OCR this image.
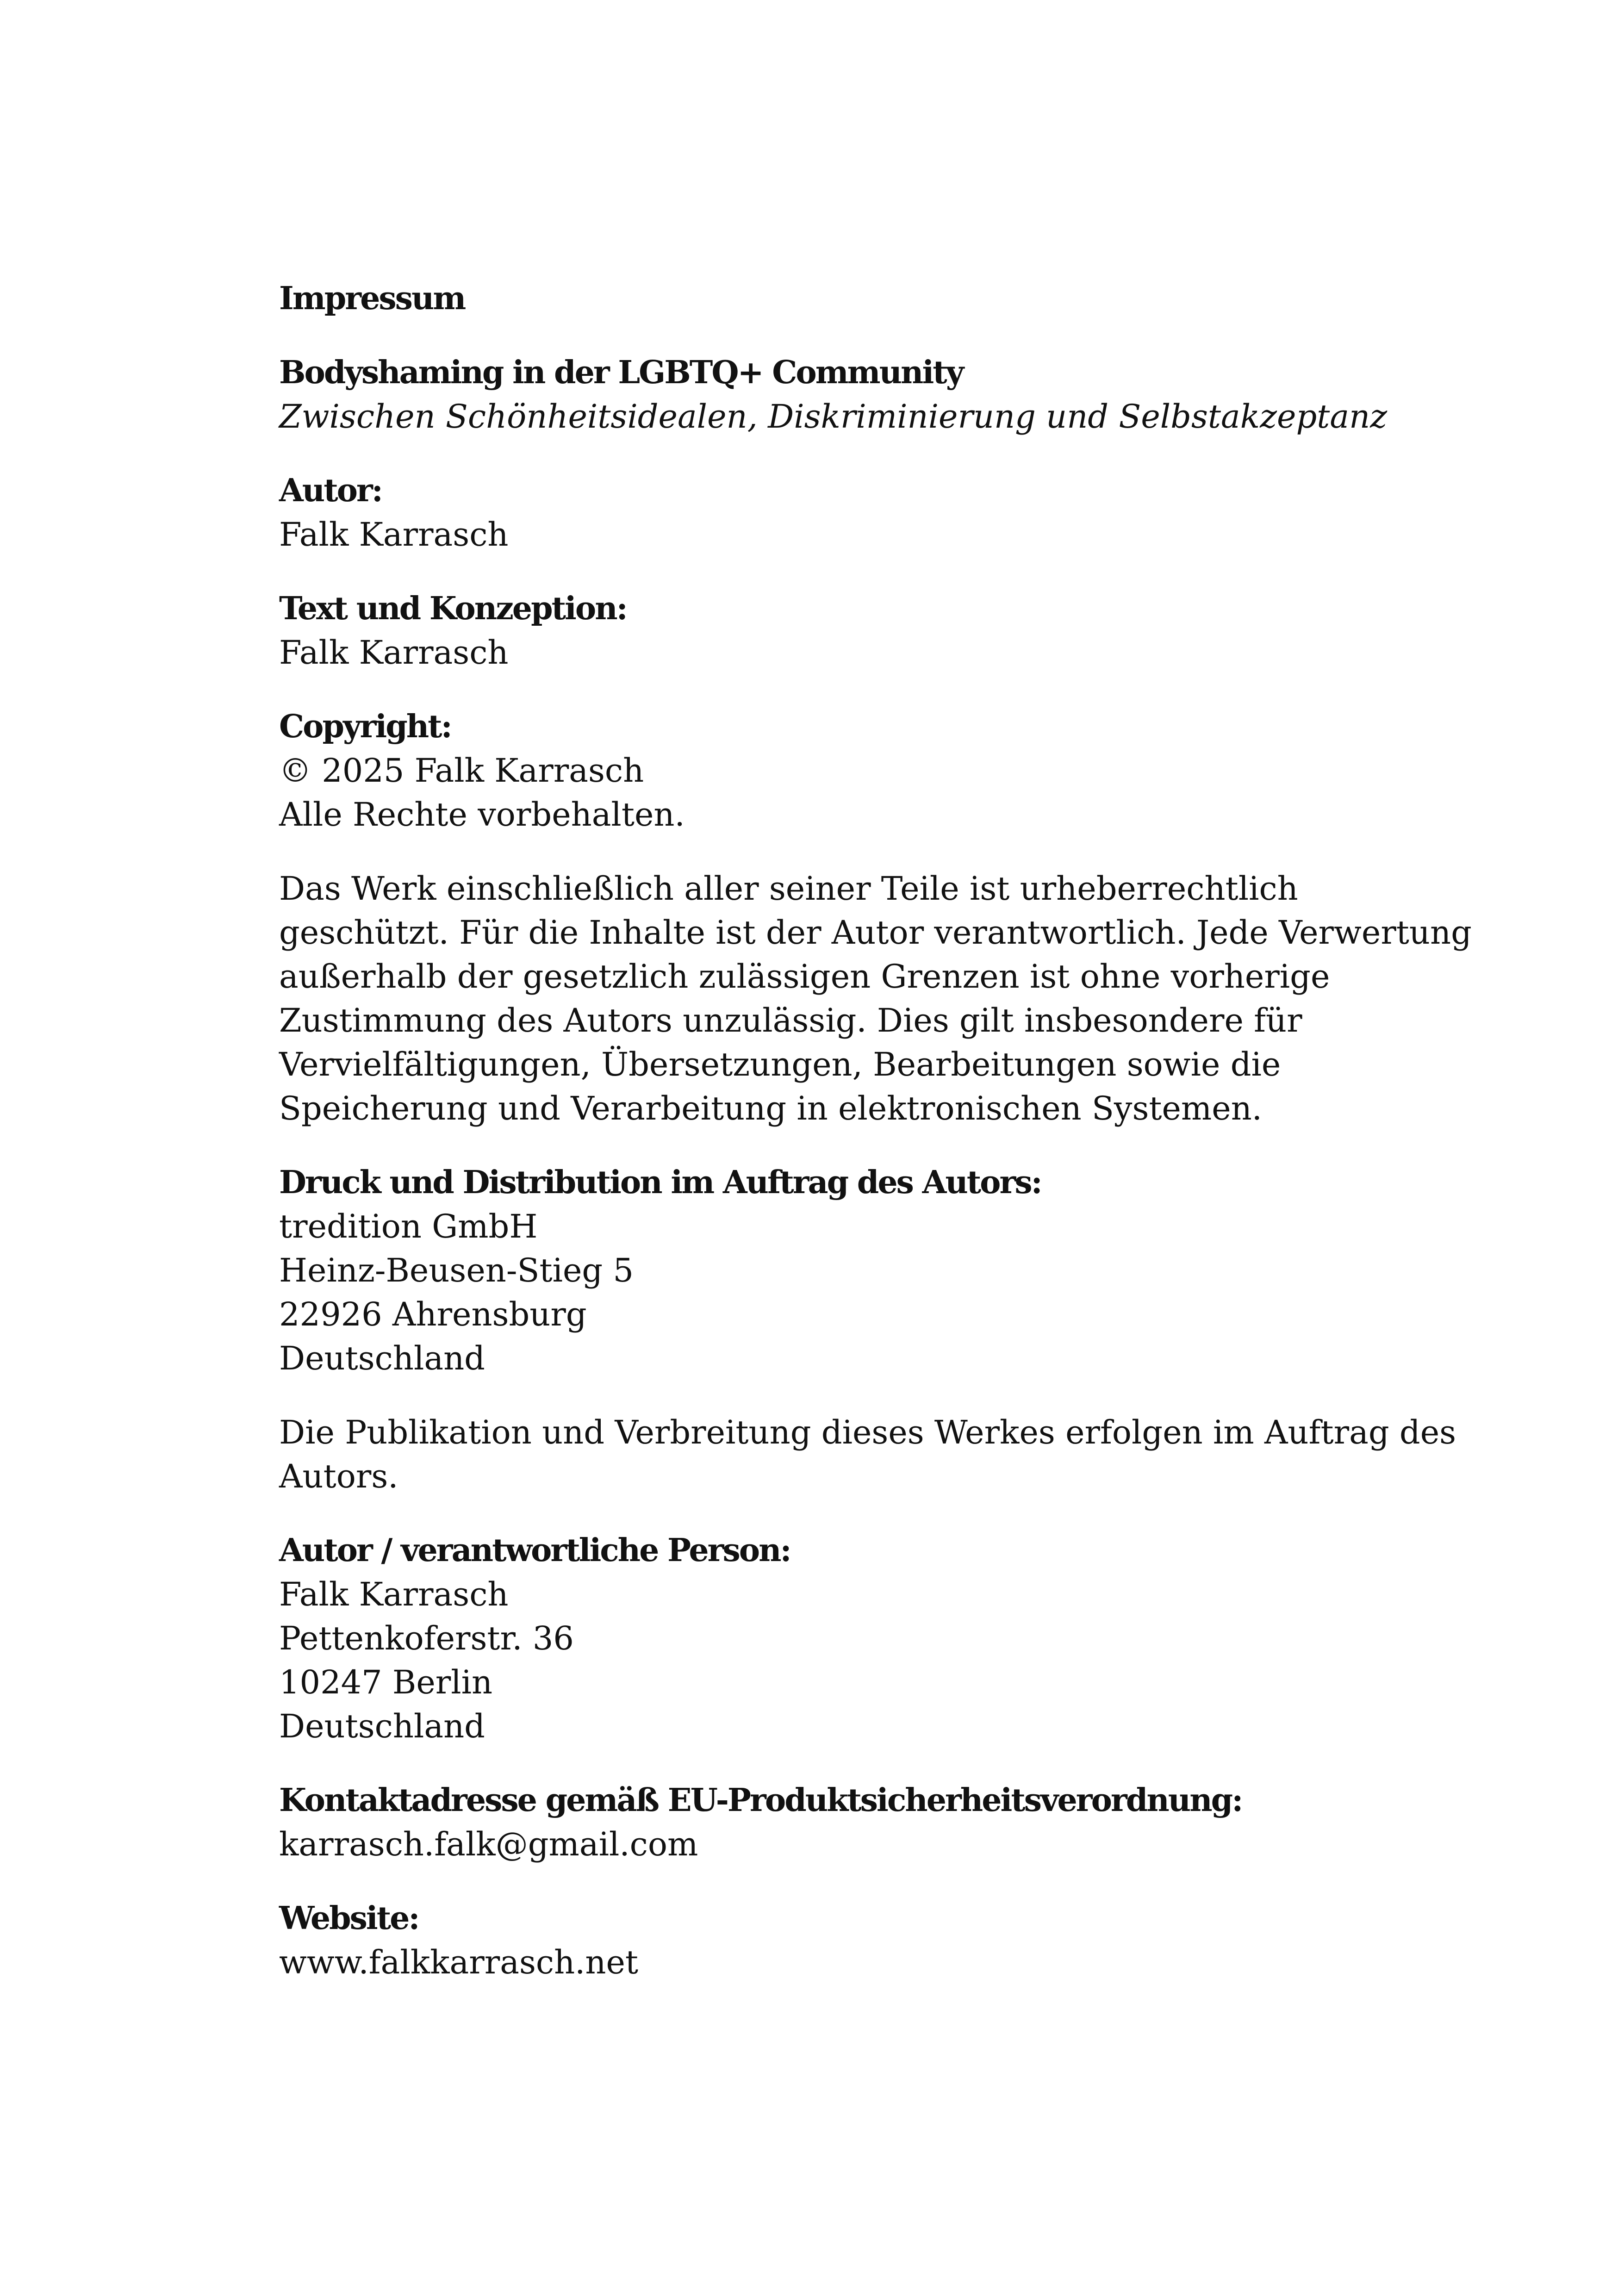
Impressum
Bodyshaming in der LGBTQ+ Community
Zwischen Schönheitsidealen, Diskriminierung und Selbstakzeptanz
Autor:
Falk Karrasch
Text und Konzeption:
Falk Karrasch
Copyright:
© 2025 Falk Karrasch
Alle Rechte vorbehalten.
Das Werk einschließlich aller seiner Teile ist urheberrechtlich
geschützt. Für die Inhalte ist der Autor verantwortlich. Jede Verwertung
außerhalb der gesetzlich zulässigen Grenzen ist ohne vorherige
Zustimmung des Autors unzulässig. Dies gilt insbesondere für
Vervielfältigungen, Übersetzungen, Bearbeitungen sowie die
Speicherung und Verarbeitung in elektronischen Systemen.
Druck und Distribution im Auftrag des Autors:
tredition GmbH
Heinz-Beusen-Stieg 5
22926 Ahrensburg
Deutschland
Die Publikation und Verbreitung dieses Werkes erfolgen im Auftrag des
Autors.
Autor / verantwortliche Person:
Falk Karrasch
Pettenkoferstr. 36
10247 Berlin
Deutschland
Kontaktadresse gemäß EU-Produktsicherheitsverordnung:
karrasch.falk@gmail.com
Website:
www.falkkarrasch.net
